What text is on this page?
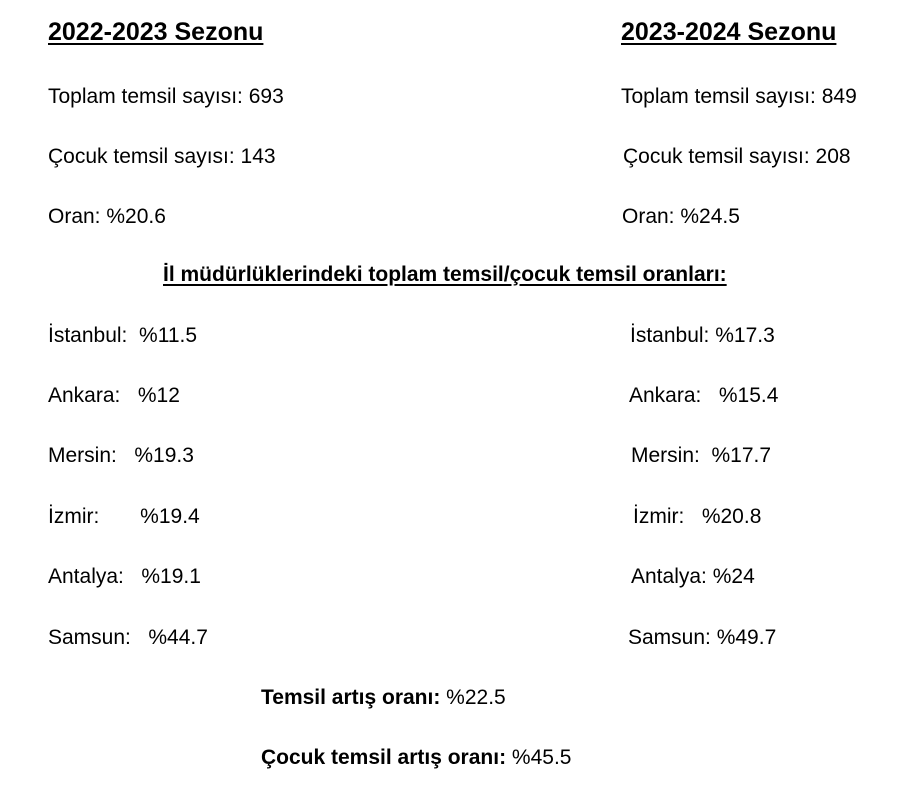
2022-2023 Sezonu	2023-2024 Sezonu
Toplam temsil sayısı: 693
Çocuk temsil sayısı: 143
Oran: %20.6
Toplam temsil sayısı: 849
Çocuk temsil sayısı: 208
Oran: %24.5
İl müdürlüklerindeki toplam temsil/çocuk temsil oranları:
İstanbul:  %11.5
Ankara:   %12
Mersin:   %19.3
İzmir:       %19.4
Antalya:   %19.1
Samsun:   %44.7
İstanbul: %17.3
Ankara:   %15.4
Mersin:  %17.7
İzmir:   %20.8
Antalya: %24
Samsun: %49.7
Temsil artış oranı: %22.5
Çocuk temsil artış oranı: %45.5
